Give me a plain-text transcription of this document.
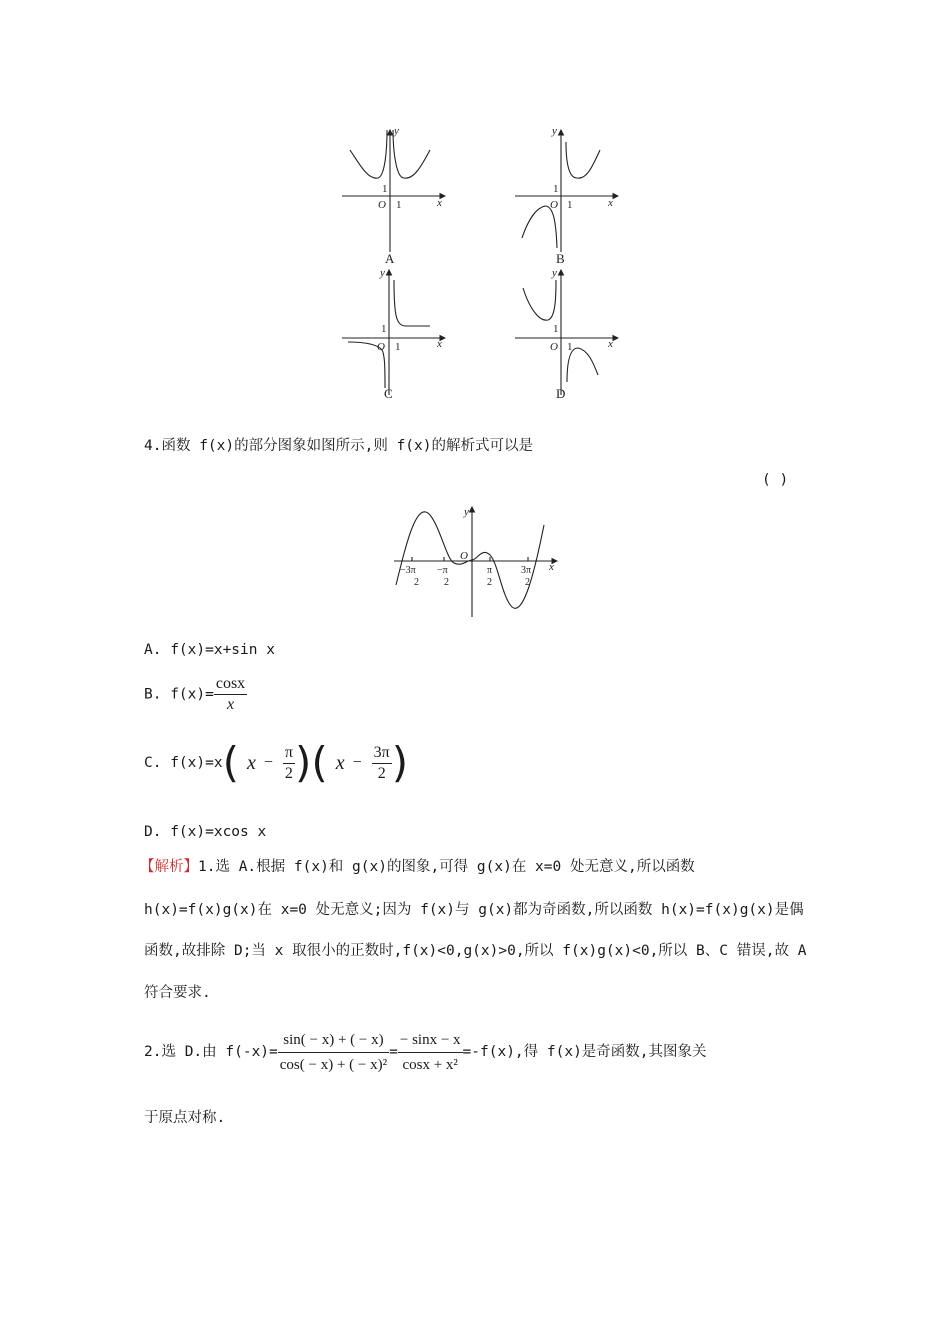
y
x
O 1
1
A
y
x
O 1
1
B
y
x
O 1
1
C
y
x
O 1
1
D
4.函数 f(x)的部分图象如图所示,则 f(x)的解析式可以是
( )
y
x
O
−3π
2
−π
2
π
2
3π
2
A. f(x)=x+sin x
B. $f(x)= \frac{\cos x}{x}$
C. f(x)=x( $x - \frac{\pi}{2}$ )( $x - \frac{3\pi}{2}$ )
D. f(x)=xcos x
【解析】1.选 A.根据 f(x)和 g(x)的图象,可得 g(x)在 x=0 处无意义,所以函数
h(x)=f(x)g(x)在 x=0 处无意义;因为 f(x)与 g(x)都为奇函数,所以函数 h(x)=f(x)g(x)是偶
函数,故排除 D;当 x 取很小的正数时,f(x)<0,g(x)>0,所以 f(x)g(x)<0,所以 B、C 错误,故 A
符合要求.
2.选 D.由 $f(-x)= \frac{\sin( - x) + ( - x)}{\text{cos( − x) + ( − x)²}} = \frac{- \sin x - x}{\text{cosx + x²}} =-f(x)$,得 f(x)是奇函数,其图象关
于原点对称.
